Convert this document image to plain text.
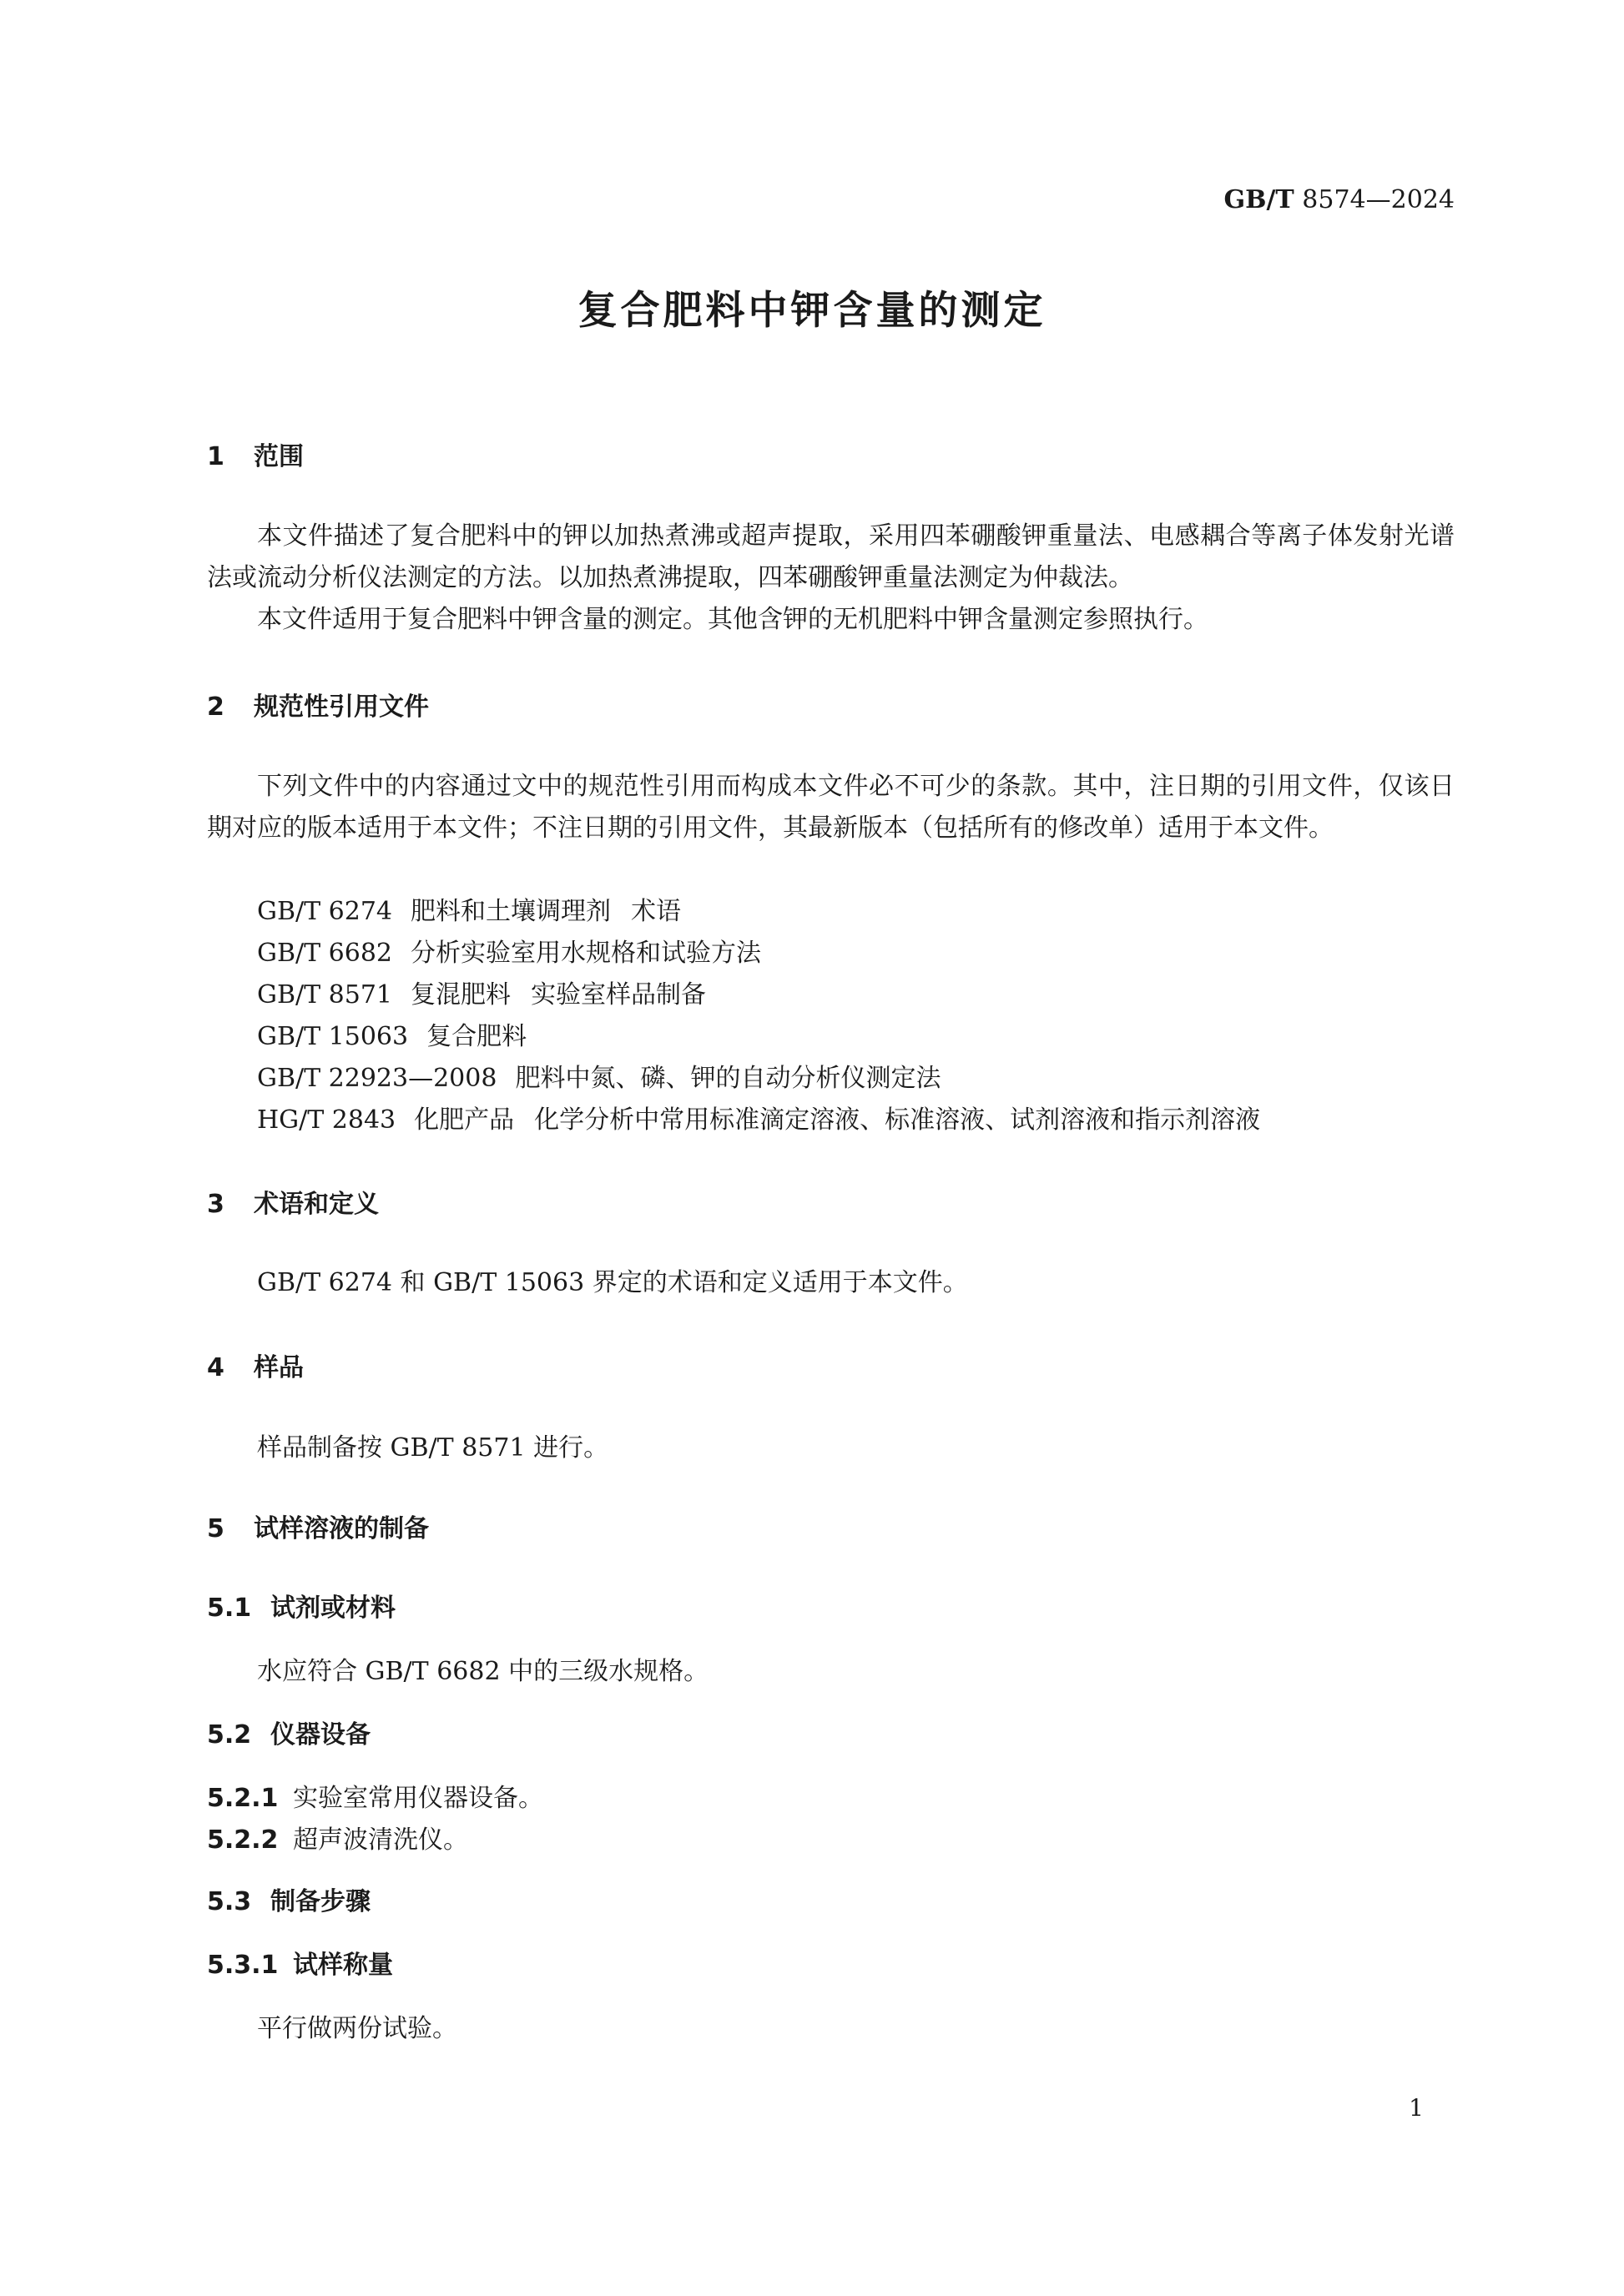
GB/T 8574—2024
复合肥料中钾含量的测定
1 范围
本文件描述了复合肥料中的钾以加热煮沸或超声提取，采用四苯硼酸钾重量法、电感耦合等离子体发射光谱法或流动分析仪法测定的方法。以加热煮沸提取，四苯硼酸钾重量法测定为仲裁法。
本文件适用于复合肥料中钾含量的测定。其他含钾的无机肥料中钾含量测定参照执行。
2 规范性引用文件
下列文件中的内容通过文中的规范性引用而构成本文件必不可少的条款。其中，注日期的引用文件，仅该日期对应的版本适用于本文件；不注日期的引用文件，其最新版本（包括所有的修改单）适用于本文件。
GB/T 6274 肥料和土壤调理剂 术语
GB/T 6682 分析实验室用水规格和试验方法
GB/T 8571 复混肥料 实验室样品制备
GB/T 15063 复合肥料
GB/T 22923—2008 肥料中氮、磷、钾的自动分析仪测定法
HG/T 2843 化肥产品 化学分析中常用标准滴定溶液、标准溶液、试剂溶液和指示剂溶液
3 术语和定义
GB/T 6274 和 GB/T 15063 界定的术语和定义适用于本文件。
4 样品
样品制备按 GB/T 8571 进行。
5 试样溶液的制备
5.1 试剂或材料
水应符合 GB/T 6682 中的三级水规格。
5.2 仪器设备
5.2.1 实验室常用仪器设备。
5.2.2 超声波清洗仪。
5.3 制备步骤
5.3.1 试样称量
平行做两份试验。
1
